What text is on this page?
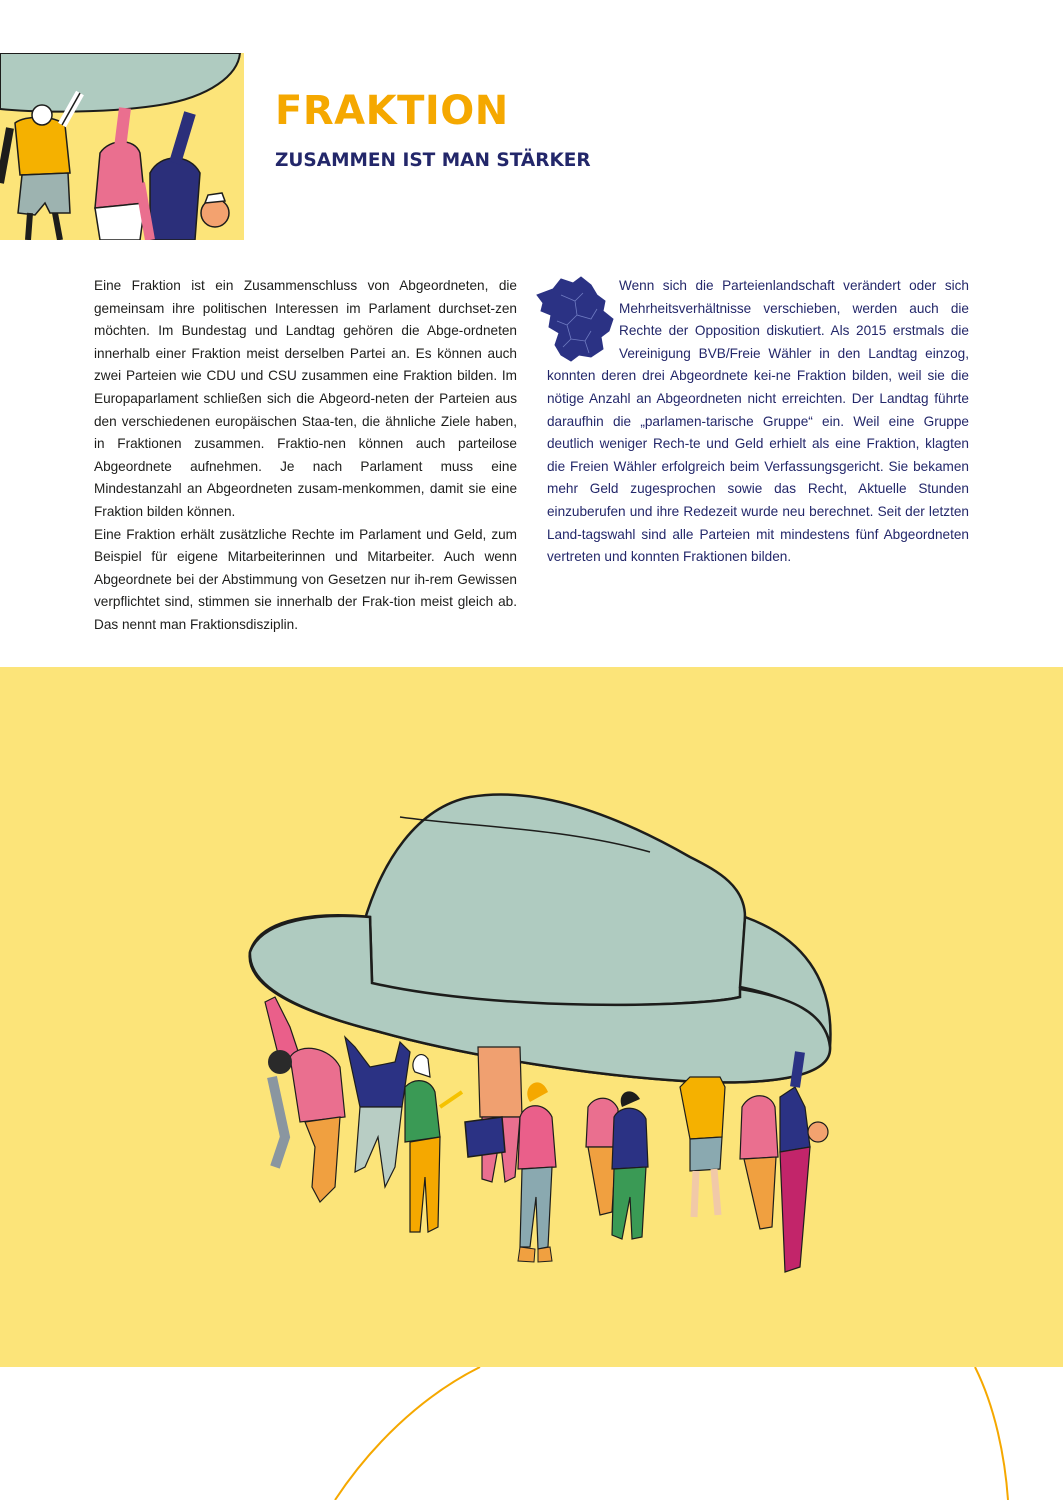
FRAKTION
ZUSAMMEN IST MAN STÄRKER

Eine Fraktion ist ein Zusammenschluss von Abgeordneten, die gemeinsam ihre politischen Interessen im Parlament durchset-zen möchten. Im Bundestag und Landtag gehören die Abge-ordneten innerhalb einer Fraktion meist derselben Partei an. Es können auch zwei Parteien wie CDU und CSU zusammen eine Fraktion bilden. Im Europaparlament schließen sich die Abgeord-neten der Parteien aus den verschiedenen europäischen Staa-ten, die ähnliche Ziele haben, in Fraktionen zusammen. Fraktio-nen können auch parteilose Abgeordnete aufnehmen. Je nach Parlament muss eine Mindestanzahl an Abgeordneten zusam-menkommen, damit sie eine Fraktion bilden können.

Eine Fraktion erhält zusätzliche Rechte im Parlament und Geld, zum Beispiel für eigene Mitarbeiterinnen und Mitarbeiter. Auch wenn Abgeordnete bei der Abstimmung von Gesetzen nur ih-rem Gewissen verpflichtet sind, stimmen sie innerhalb der Frak-tion meist gleich ab. Das nennt man Fraktionsdisziplin.

Wenn sich die Parteienlandschaft verändert oder sich Mehrheitsverhältnisse verschieben, werden auch die Rechte der Opposition diskutiert. Als 2015 erstmals die Vereinigung BVB/Freie Wähler in den Landtag einzog, konnten deren drei Abgeordnete kei-ne Fraktion bilden, weil sie die nötige Anzahl an Abgeordneten nicht erreichten. Der Landtag führte daraufhin die „parlamen-tarische Gruppe“ ein. Weil eine Gruppe deutlich weniger Rech-te und Geld erhielt als eine Fraktion, klagten die Freien Wähler erfolgreich beim Verfassungsgericht. Sie bekamen mehr Geld zugesprochen sowie das Recht, Aktuelle Stunden einzuberufen und ihre Redezeit wurde neu berechnet. Seit der letzten Land-tagswahl sind alle Parteien mit mindestens fünf Abgeordneten vertreten und konnten Fraktionen bilden.
